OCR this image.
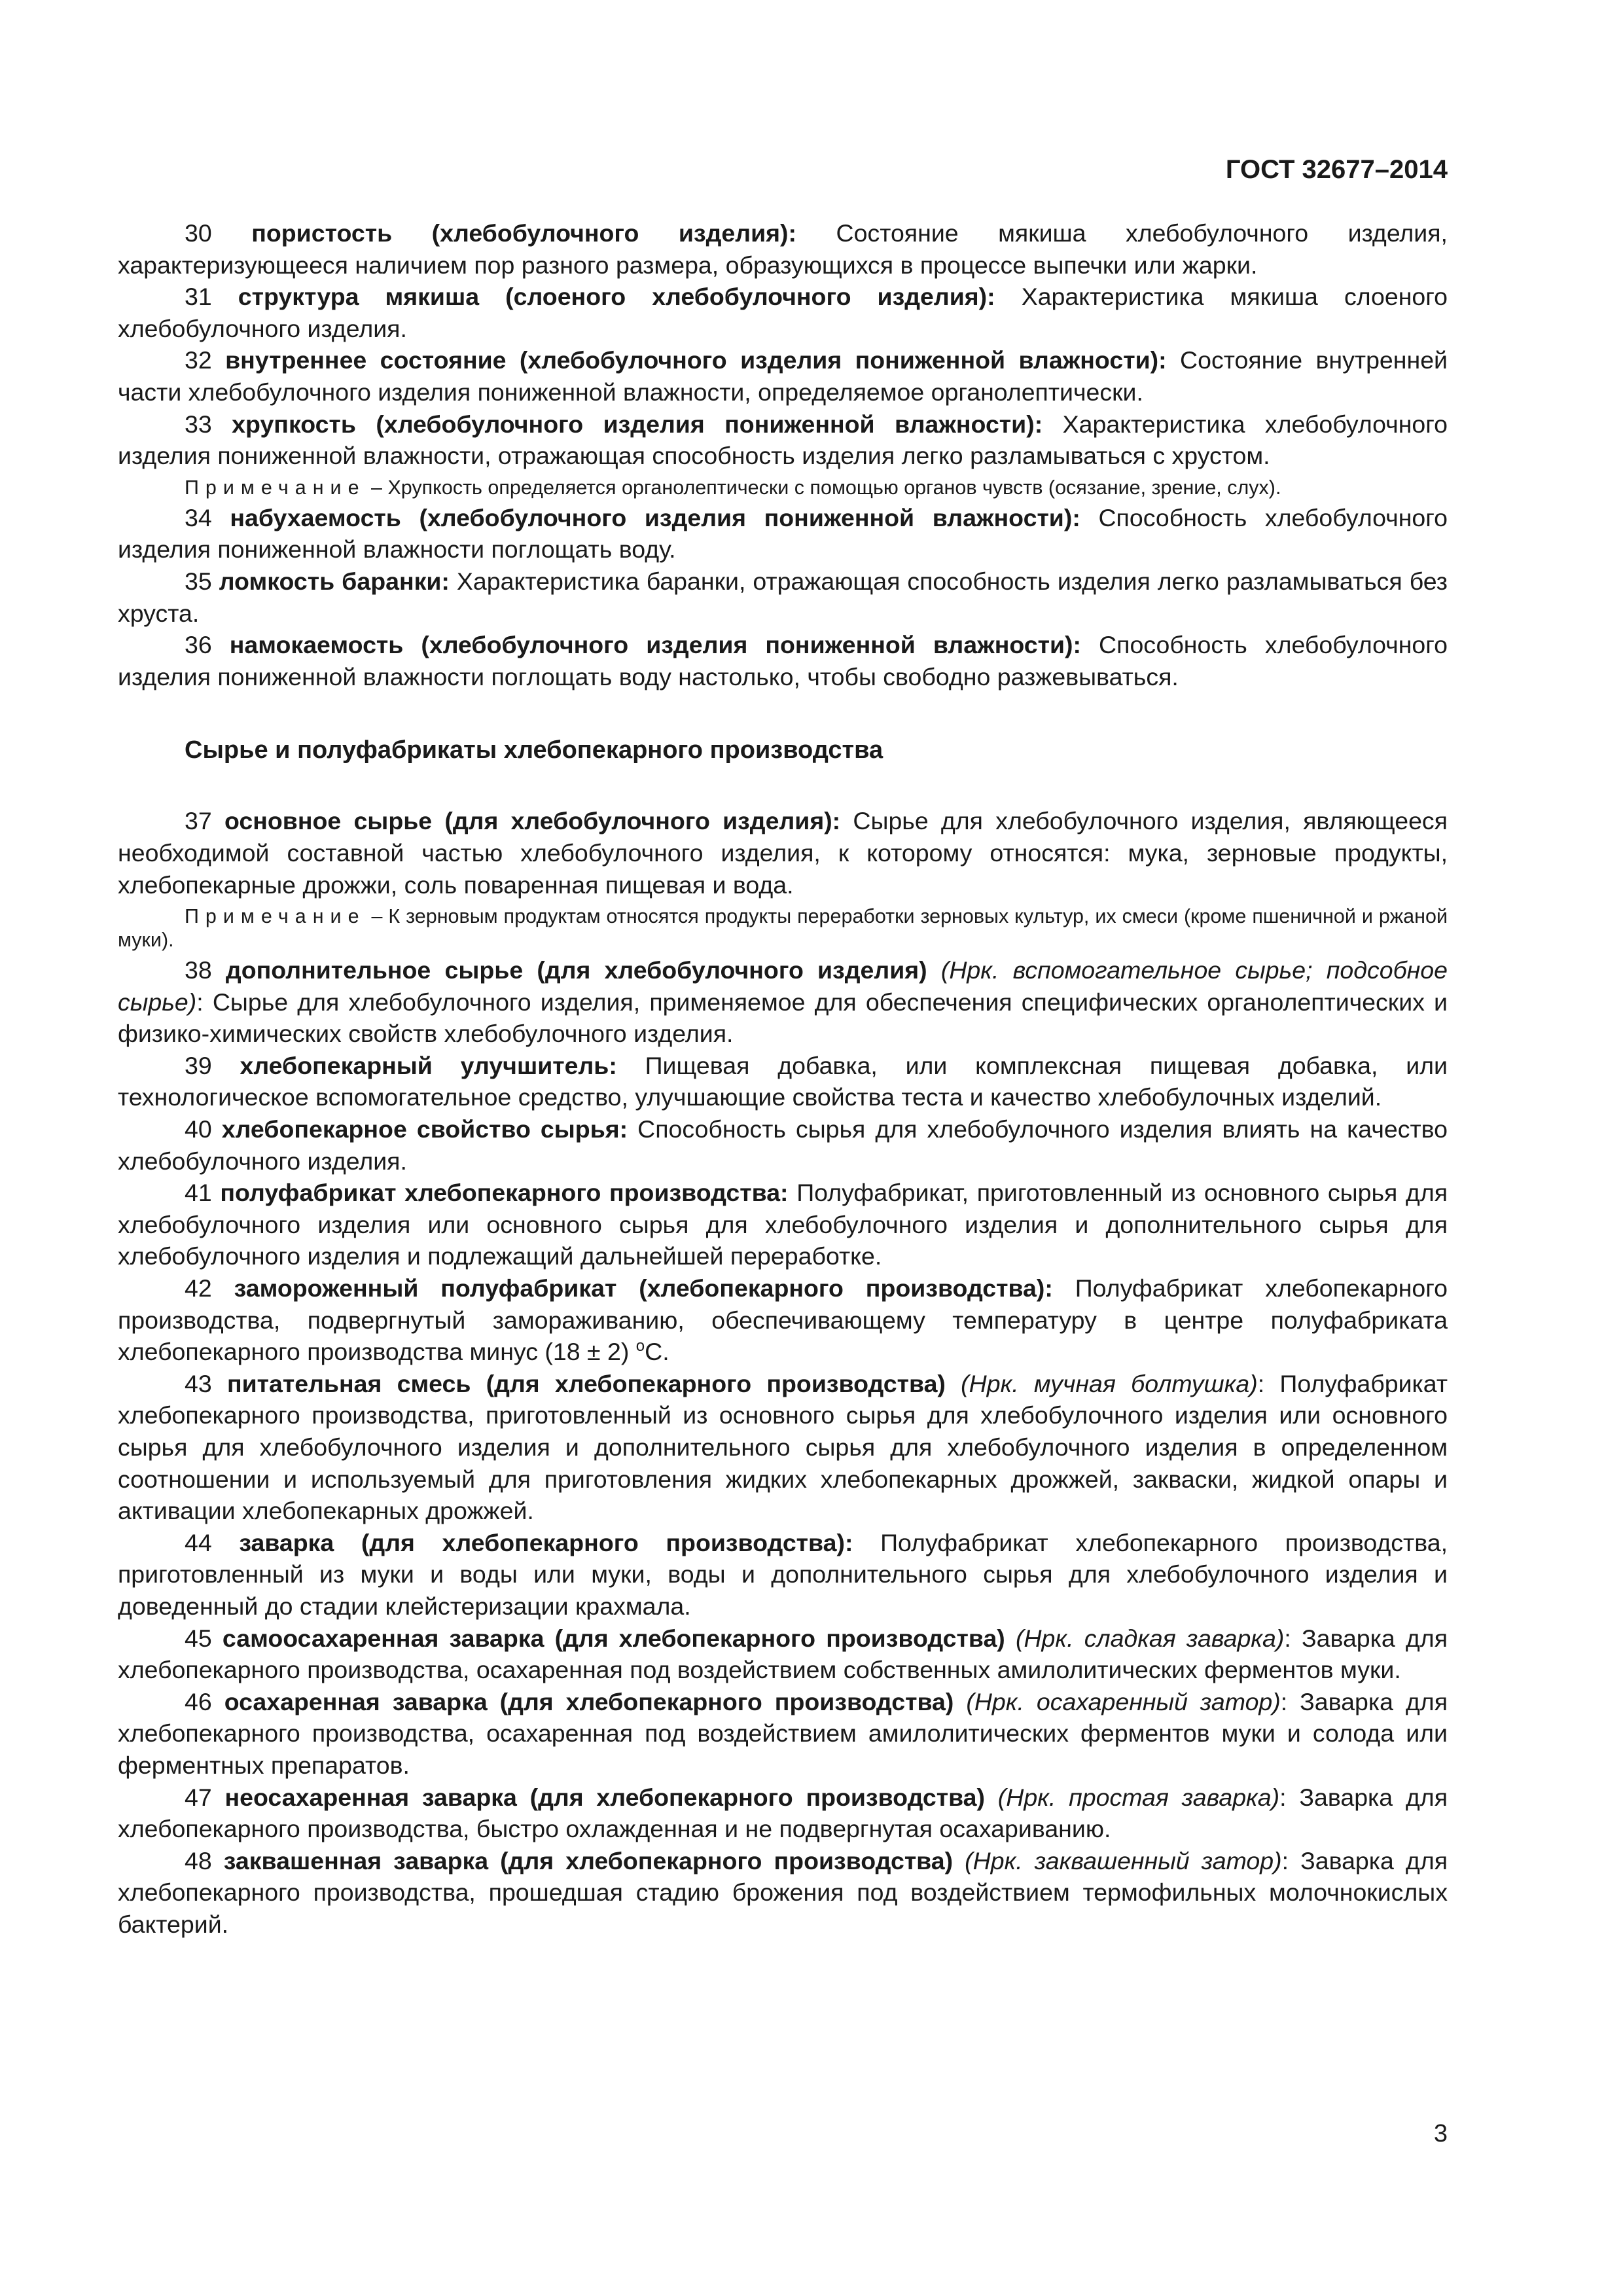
ГОСТ 32677–2014

30 пористость (хлебобулочного изделия): Состояние мякиша хлебобулочного изделия, характеризующееся наличием пор разного размера, образующихся в процессе выпечки или жарки.

31 структура мякиша (слоеного хлебобулочного изделия): Характеристика мякиша слоеного хлебобулочного изделия.

32 внутреннее состояние (хлебобулочного изделия пониженной влажности): Состояние внутренней части хлебобулочного изделия пониженной влажности, определяемое органолептически.

33 хрупкость (хлебобулочного изделия пониженной влажности): Характеристика хлебобулочного изделия пониженной влажности, отражающая способность изделия легко разламываться с хрустом.

Примечание – Хрупкость определяется органолептически с помощью органов чувств (осязание, зрение, слух).

34 набухаемость (хлебобулочного изделия пониженной влажности): Способность хлебобулочного изделия пониженной влажности поглощать воду.

35 ломкость баранки: Характеристика баранки, отражающая способность изделия легко разламываться без хруста.

36 намокаемость (хлебобулочного изделия пониженной влажности): Способность хлебобулочного изделия пониженной влажности поглощать воду настолько, чтобы свободно разжевываться.

Сырье и полуфабрикаты хлебопекарного производства

37 основное сырье (для хлебобулочного изделия): Сырье для хлебобулочного изделия, являющееся необходимой составной частью хлебобулочного изделия, к которому относятся: мука, зерновые продукты, хлебопекарные дрожжи, соль поваренная пищевая и вода.

Примечание – К зерновым продуктам относятся продукты переработки зерновых культур, их смеси (кроме пшеничной и ржаной муки).

38 дополнительное сырье (для хлебобулочного изделия) (Нрк. вспомогательное сырье; подсобное сырье): Сырье для хлебобулочного изделия, применяемое для обеспечения специфических органолептических и физико-химических свойств хлебобулочного изделия.

39 хлебопекарный улучшитель: Пищевая добавка, или комплексная пищевая добавка, или технологическое вспомогательное средство, улучшающие свойства теста и качество хлебобулочных изделий.

40 хлебопекарное свойство сырья: Способность сырья для хлебобулочного изделия влиять на качество хлебобулочного изделия.

41 полуфабрикат хлебопекарного производства: Полуфабрикат, приготовленный из основного сырья для хлебобулочного изделия или основного сырья для хлебобулочного изделия и дополнительного сырья для хлебобулочного изделия и подлежащий дальнейшей переработке.

42 замороженный полуфабрикат (хлебопекарного производства): Полуфабрикат хлебопекарного производства, подвергнутый замораживанию, обеспечивающему температуру в центре полуфабриката хлебопекарного производства минус (18 ± 2) $^o$С.

43 питательная смесь (для хлебопекарного производства) (Нрк. мучная болтушка): Полуфабрикат хлебопекарного производства, приготовленный из основного сырья для хлебобулочного изделия или основного сырья для хлебобулочного изделия и дополнительного сырья для хлебобулочного изделия в определенном соотношении и используемый для приготовления жидких хлебопекарных дрожжей, закваски, жидкой опары и активации хлебопекарных дрожжей.

44 заварка (для хлебопекарного производства): Полуфабрикат хлебопекарного производства, приготовленный из муки и воды или муки, воды и дополнительного сырья для хлебобулочного изделия и доведенный до стадии клейстеризации крахмала.

45 самоосахаренная заварка (для хлебопекарного производства) (Нрк. сладкая заварка): Заварка для хлебопекарного производства, осахаренная под воздействием собственных амилолитических ферментов муки.

46 осахаренная заварка (для хлебопекарного производства) (Нрк. осахаренный затор): Заварка для хлебопекарного производства, осахаренная под воздействием амилолитических ферментов муки и солода или ферментных препаратов.

47 неосахаренная заварка (для хлебопекарного производства) (Нрк. простая заварка): Заварка для хлебопекарного производства, быстро охлажденная и не подвергнутая осахариванию.

48 заквашенная заварка (для хлебопекарного производства) (Нрк. заквашенный затор): Заварка для хлебопекарного производства, прошедшая стадию брожения под воздействием термофильных молочнокислых бактерий.

3
